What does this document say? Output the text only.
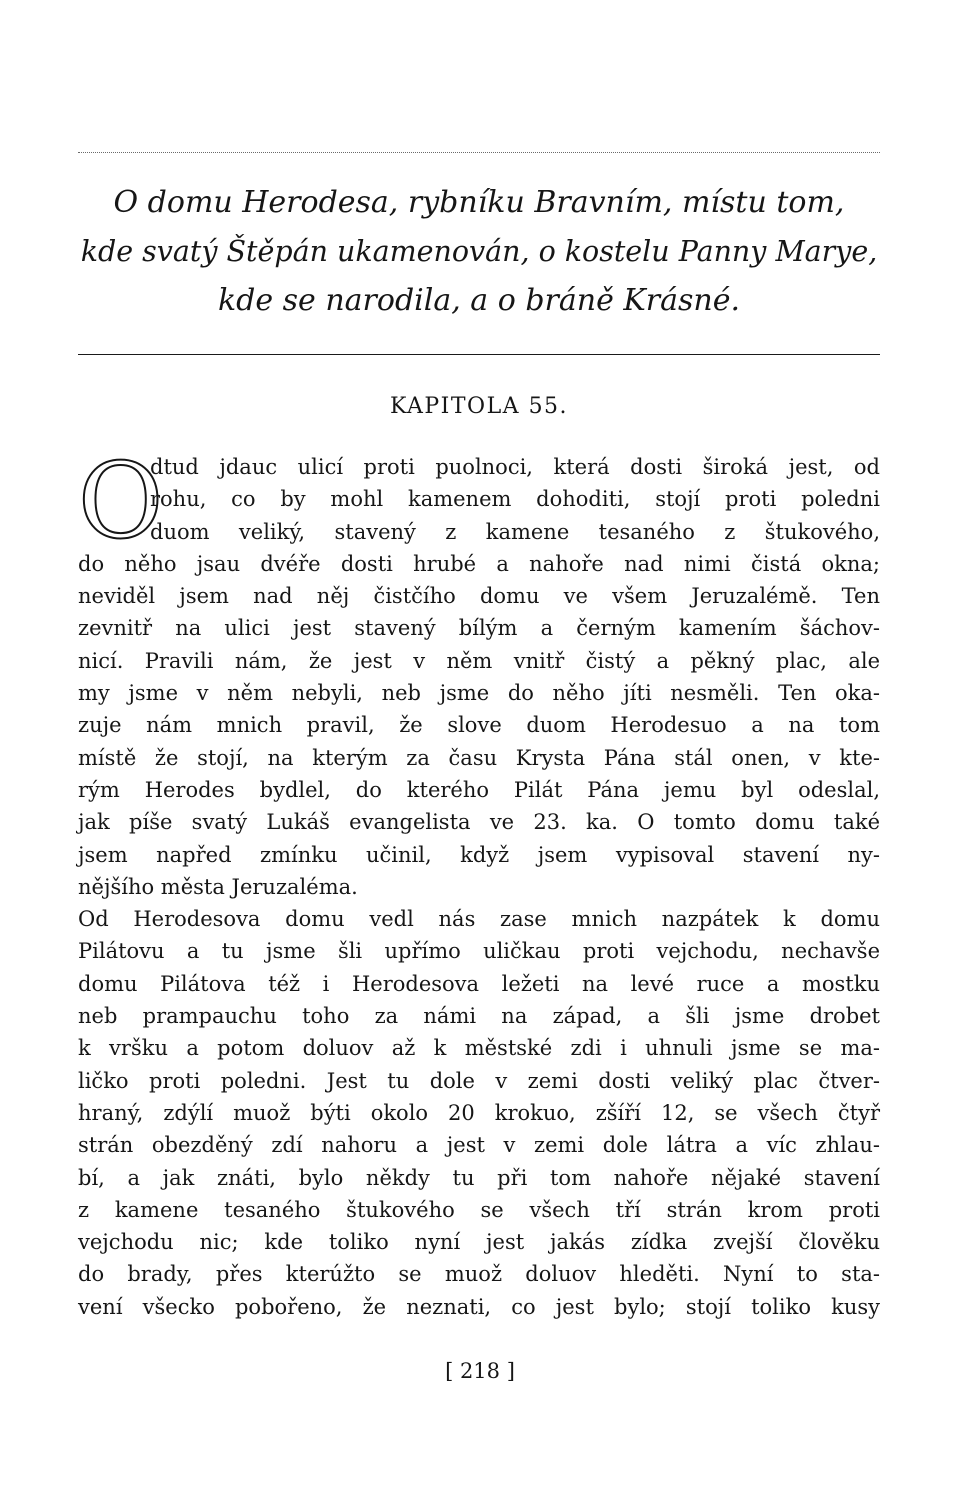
O domu Herodesa, rybníku Bravním, místu tom,
kde svatý Štěpán ukamenován, o kostelu Panny Marye,
kde se narodila, a o bráně Krásné.
KAPITOLA 55.
O
dtud jdauc ulicí proti puolnoci, která dosti široká jest, od
rohu, co by mohl kamenem dohoditi, stojí proti poledni
duom veliký, stavený z kamene tesaného z štukového,
do něho jsau dvéře dosti hrubé a nahoře nad nimi čistá okna;
neviděl jsem nad něj čistčího domu ve všem Jeruzalémě. Ten
zevnitř na ulici jest stavený bílým a černým kamením šáchov-
nicí. Pravili nám, že jest v něm vnitř čistý a pěkný plac, ale
my jsme v něm nebyli, neb jsme do něho jíti nesměli. Ten oka-
zuje nám mnich pravil, že slove duom Herodesuo a na tom
místě že stojí, na kterým za času Krysta Pána stál onen, v kte-
rým Herodes bydlel, do kterého Pilát Pána jemu byl odeslal,
jak píše svatý Lukáš evangelista ve 23. ka. O tomto domu také
jsem napřed zmínku učinil, když jsem vypisoval stavení ny-
nějšího města Jeruzaléma.
Od Herodesova domu vedl nás zase mnich nazpátek k domu
Pilátovu a tu jsme šli upřímo uličkau proti vejchodu, nechavše
domu Pilátova též i Herodesova ležeti na levé ruce a mostku
neb prampauchu toho za námi na západ, a šli jsme drobet
k vršku a potom doluov až k městské zdi i uhnuli jsme se ma-
ličko proti poledni. Jest tu dole v zemi dosti veliký plac čtver-
hraný, zdýlí muož býti okolo 20 krokuo, zšíří 12, se všech čtyř
strán obezděný zdí nahoru a jest v zemi dole látra a víc zhlau-
bí, a jak znáti, bylo někdy tu při tom nahoře nějaké stavení
z kamene tesaného štukového se všech tří strán krom proti
vejchodu nic; kde toliko nyní jest jakás zídka zvejší člověku
do brady, přes kterúžto se muož doluov hleděti. Nyní to sta-
vení všecko pobořeno, že neznati, co jest bylo; stojí toliko kusy
[ 218 ]
